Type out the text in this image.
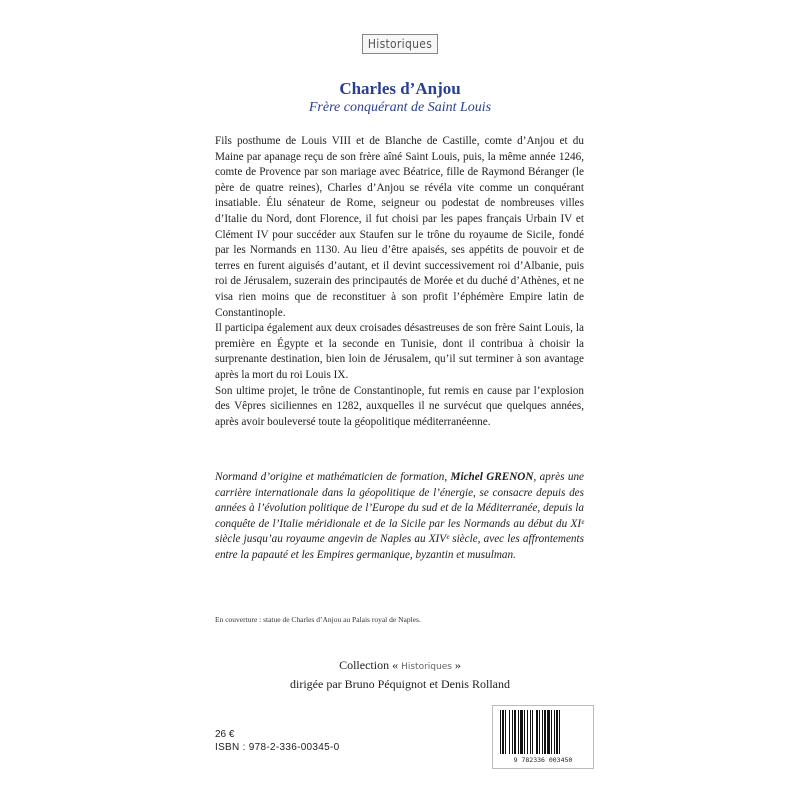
Historiques
Charles d’Anjou
Frère conquérant de Saint Louis

Fils posthume de Louis VIII et de Blanche de Castille, comte d’Anjou et du Maine par apanage reçu de son frère aîné Saint Louis, puis, la même année 1246, comte de Provence par son mariage avec Béatrice, fille de Raymond Béranger (le père de quatre reines), Charles d’Anjou se révéla vite comme un conquérant insatiable. Élu sénateur de Rome, seigneur ou podestat de nombreuses villes d’Italie du Nord, dont Florence, il fut choisi par les papes français Urbain IV et Clément IV pour succéder aux Staufen sur le trône du royaume de Sicile, fondé par les Normands en 1130. Au lieu d’être apaisés, ses appétits de pouvoir et de terres en furent aiguisés d’autant, et il devint successivement roi d’Albanie, puis roi de Jérusalem, suzerain des principautés de Morée et du duché d’Athènes, et ne visa rien moins que de reconstituer à son profit l’éphémère Empire latin de Constantinople.

Il participa également aux deux croisades désastreuses de son frère Saint Louis, la première en Égypte et la seconde en Tunisie, dont il contribua à choisir la surprenante destination, bien loin de Jérusalem, qu’il sut terminer à son avantage après la mort du roi Louis IX.

Son ultime projet, le trône de Constantinople, fut remis en cause par l’explosion des Vêpres siciliennes en 1282, auxquelles il ne survécut que quelques années, après avoir bouleversé toute la géopolitique méditerranéenne.

Normand d’origine et mathématicien de formation, Michel GRENON, après une carrière internationale dans la géopolitique de l’énergie, se consacre depuis des années à l’évolution politique de l’Europe du sud et de la Méditerranée, depuis la conquête de l’Italie méridionale et de la Sicile par les Normands au début du XIᵉ siècle jusqu’au royaume angevin de Naples au XIVᵉ siècle, avec les affrontements entre la papauté et les Empires germanique, byzantin et musulman.
En couverture : statue de Charles d’Anjou au Palais royal de Naples.
Collection « Historiques »
dirigée par Bruno Péquignot et Denis Rolland
26 €
ISBN : 978-2-336-00345-0
9 782336 003450
